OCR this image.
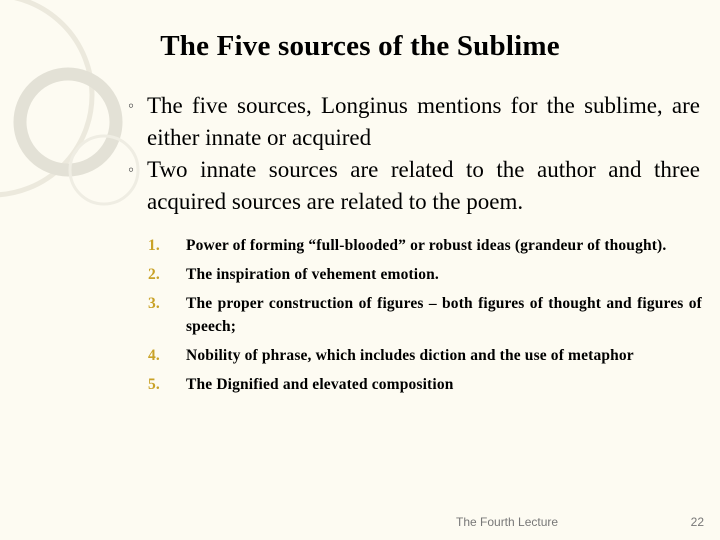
The Five sources of the Sublime
◦ The five sources, Longinus mentions for the sublime, are either innate or acquired
◦ Two innate sources are related to the author and three acquired sources are related to the poem.
1. Power of forming “full-blooded” or robust ideas (grandeur of thought).
2. The inspiration of vehement emotion.
3. The proper construction of figures – both figures of thought and figures of speech;
4. Nobility of phrase, which includes diction and the use of metaphor
5. The Dignified and elevated composition
The Fourth Lecture	22
